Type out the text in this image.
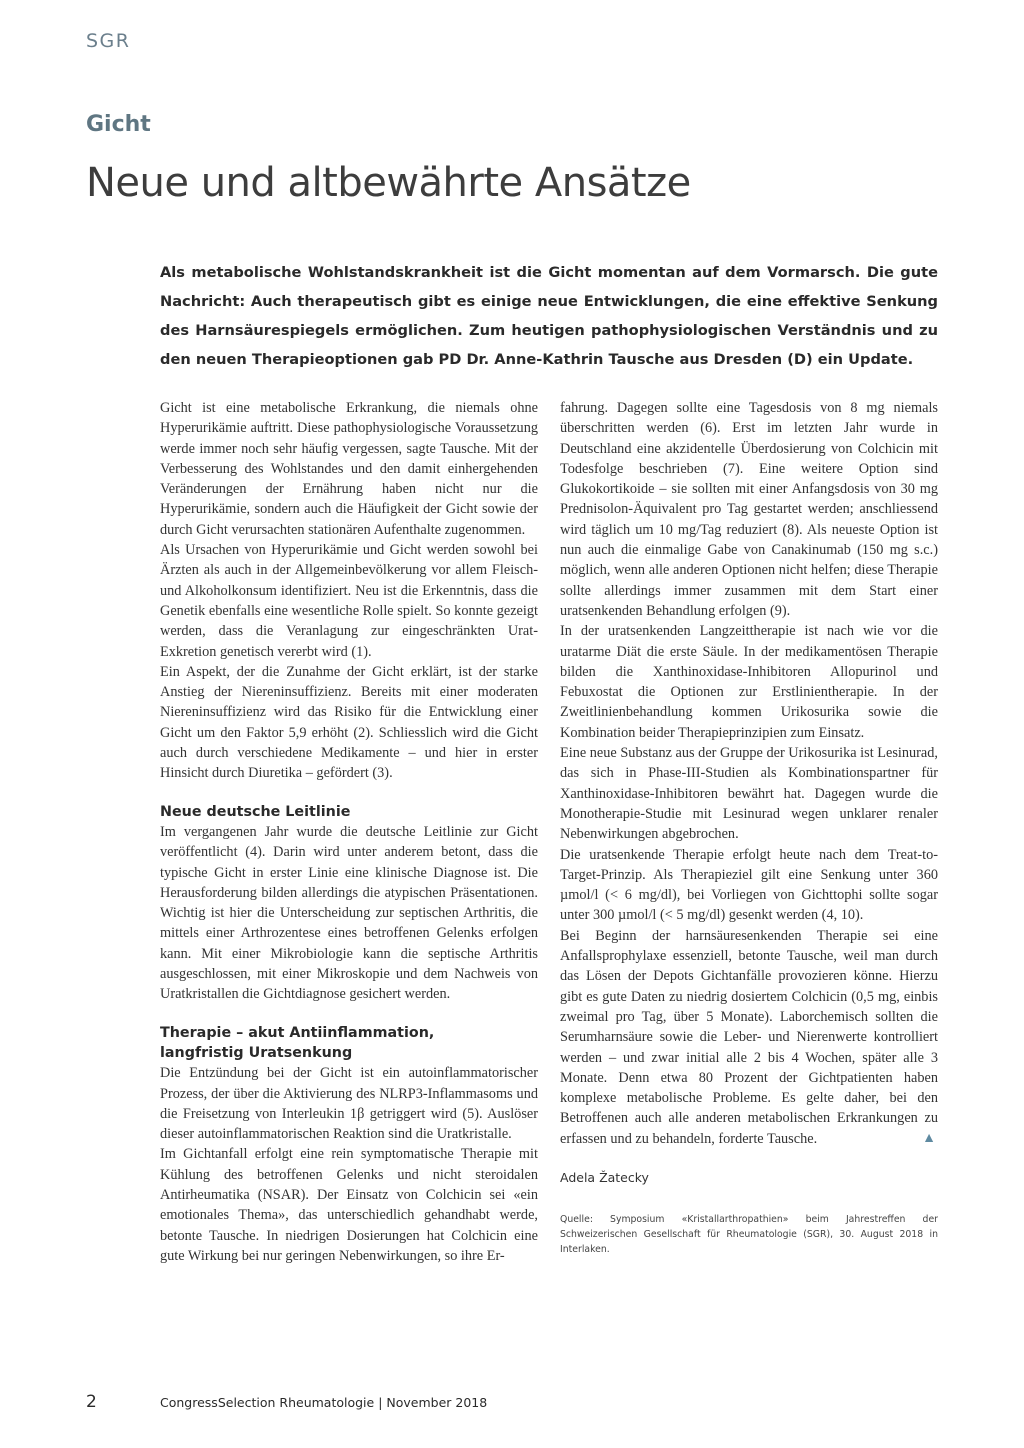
SGR
Gicht
Neue und altbewährte Ansätze

Als metabolische Wohlstandskrankheit ist die Gicht momentan auf dem Vormarsch. Die gute Nachricht: Auch therapeutisch gibt es einige neue Entwicklungen, die eine effektive Senkung des Harnsäurespiegels ermöglichen. Zum heutigen pathophysiologischen Verständnis und zu den neuen Therapieoptionen gab PD Dr. Anne-Kathrin Tausche aus Dresden (D) ein Update.

Gicht ist eine metabolische Erkrankung, die niemals ohne Hyperurikämie auftritt. Diese pathophysiologische Voraussetzung werde immer noch sehr häufig vergessen, sagte Tausche. Mit der Verbesserung des Wohlstandes und den damit einhergehenden Veränderungen der Ernährung haben nicht nur die Hyperurikämie, sondern auch die Häufigkeit der Gicht sowie der durch Gicht verursachten stationären Aufenthalte zugenommen.

Als Ursachen von Hyperurikämie und Gicht werden sowohl bei Ärzten als auch in der Allgemeinbevölkerung vor allem Fleisch- und Alkoholkonsum identifiziert. Neu ist die Erkenntnis, dass die Genetik ebenfalls eine wesentliche Rolle spielt. So konnte gezeigt werden, dass die Veranlagung zur eingeschränkten Urat-Exkretion genetisch vererbt wird (1).

Ein Aspekt, der die Zunahme der Gicht erklärt, ist der starke Anstieg der Niereninsuffizienz. Bereits mit einer moderaten Niereninsuffizienz wird das Risiko für die Entwicklung einer Gicht um den Faktor 5,9 erhöht (2). Schliesslich wird die Gicht auch durch verschiedene Medikamente – und hier in erster Hinsicht durch Diuretika – gefördert (3).

Neue deutsche Leitlinie

Im vergangenen Jahr wurde die deutsche Leitlinie zur Gicht veröffentlicht (4). Darin wird unter anderem betont, dass die typische Gicht in erster Linie eine klinische Diagnose ist. Die Herausforderung bilden allerdings die atypischen Präsentationen. Wichtig ist hier die Unterscheidung zur septischen Arthritis, die mittels einer Arthrozentese eines betroffenen Gelenks erfolgen kann. Mit einer Mikrobiologie kann die septische Arthritis ausgeschlossen, mit einer Mikroskopie und dem Nachweis von Uratkristallen die Gichtdiagnose gesichert werden.

Therapie – akut Antiinflammation,
langfristig Uratsenkung

Die Entzündung bei der Gicht ist ein autoinflammatorischer Prozess, der über die Aktivierung des NLRP3-Inflammasoms und die Freisetzung von Interleukin 1β getriggert wird (5). Auslöser dieser autoinflammatorischen Reaktion sind die Uratkristalle.

Im Gichtanfall erfolgt eine rein symptomatische Therapie mit Kühlung des betroffenen Gelenks und nicht steroidalen Antirheumatika (NSAR). Der Einsatz von Colchicin sei «ein emotionales Thema», das unterschiedlich gehandhabt werde, betonte Tausche. In niedrigen Dosierungen hat Colchicin eine gute Wirkung bei nur geringen Nebenwirkungen, so ihre Er-

fahrung. Dagegen sollte eine Tagesdosis von 8 mg niemals überschritten werden (6). Erst im letzten Jahr wurde in Deutschland eine akzidentelle Überdosierung von Colchicin mit Todesfolge beschrieben (7). Eine weitere Option sind Glukokortikoide – sie sollten mit einer Anfangsdosis von 30 mg Prednisolon-Äquivalent pro Tag gestartet werden; anschliessend wird täglich um 10 mg/Tag reduziert (8). Als neueste Option ist nun auch die einmalige Gabe von Canakinumab (150 mg s.c.) möglich, wenn alle anderen Optionen nicht helfen; diese Therapie sollte allerdings immer zusammen mit dem Start einer uratsenkenden Behandlung erfolgen (9).

In der uratsenkenden Langzeittherapie ist nach wie vor die uratarme Diät die erste Säule. In der medikamentösen Therapie bilden die Xanthinoxidase-Inhibitoren Allopurinol und Febuxostat die Optionen zur Erstlinientherapie. In der Zweitlinienbehandlung kommen Urikosurika sowie die Kombination beider Therapieprinzipien zum Einsatz.

Eine neue Substanz aus der Gruppe der Urikosurika ist Lesinurad, das sich in Phase-III-Studien als Kombinationspartner für Xanthinoxidase-Inhibitoren bewährt hat. Dagegen wurde die Monotherapie-Studie mit Lesinurad wegen unklarer renaler Nebenwirkungen abgebrochen.

Die uratsenkende Therapie erfolgt heute nach dem Treat-to-Target-Prinzip. Als Therapieziel gilt eine Senkung unter 360 µmol/l (< 6 mg/dl), bei Vorliegen von Gichttophi sollte sogar unter 300 µmol/l (< 5 mg/dl) gesenkt werden (4, 10).

Bei Beginn der harnsäuresenkenden Therapie sei eine Anfallsprophylaxe essenziell, betonte Tausche, weil man durch das Lösen der Depots Gichtanfälle provozieren könne. Hierzu gibt es gute Daten zu niedrig dosiertem Colchicin (0,5 mg, einbis zweimal pro Tag, über 5 Monate). Laborchemisch sollten die Serumharnsäure sowie die Leber- und Nierenwerte kontrolliert werden – und zwar initial alle 2 bis 4 Wochen, später alle 3 Monate. Denn etwa 80 Prozent der Gichtpatienten haben komplexe metabolische Probleme. Es gelte daher, bei den Betroffenen auch alle anderen metabolischen Erkrankungen zu erfassen und zu behandeln, forderte Tausche.	▲

Adela Žatecky
Quelle: Symposium «Kristallarthropathien» beim Jahrestreffen der Schweizerischen Gesellschaft für Rheumatologie (SGR), 30. August 2018 in Interlaken.
2	CongressSelection Rheumatologie | November 2018
